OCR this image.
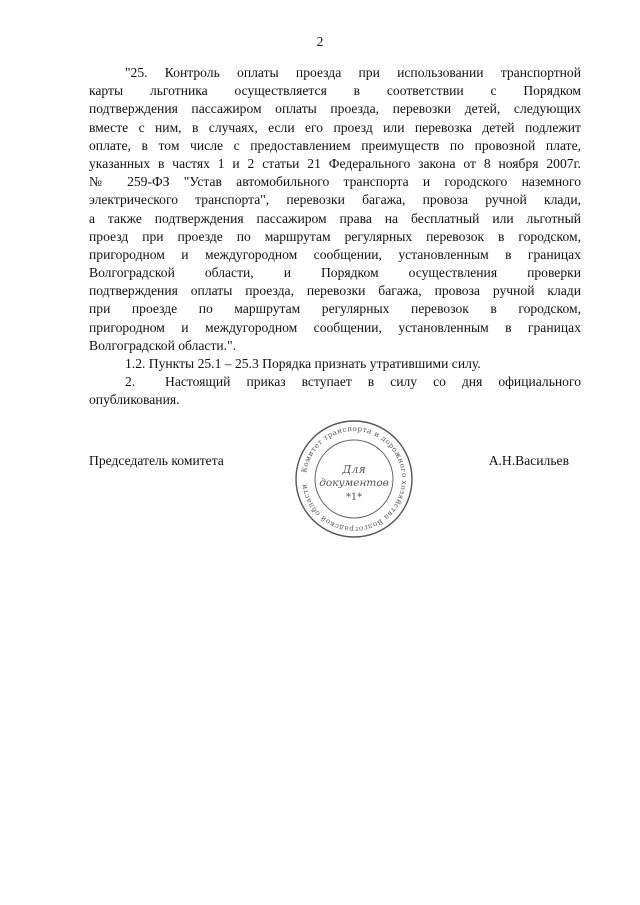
2
"25. Контроль оплаты проезда при использовании транспортной
карты льготника осуществляется в соответствии с Порядком
подтверждения пассажиром оплаты проезда, перевозки детей, следующих
вместе с ним, в случаях, если его проезд или перевозка детей подлежит
оплате, в том числе с предоставлением преимуществ по провозной плате,
указанных в частях 1 и 2 статьи 21 Федерального закона от 8 ноября 2007г.
№ 259-ФЗ "Устав автомобильного транспорта и городского наземного
электрического транспорта", перевозки багажа, провоза ручной клади,
а также подтверждения пассажиром права на бесплатный или льготный
проезд при проезде по маршрутам регулярных перевозок в городском,
пригородном и междугородном сообщении, установленным в границах
Волгоградской области, и Порядком осуществления проверки
подтверждения оплаты проезда, перевозки багажа, провоза ручной клади
при проезде по маршрутам регулярных перевозок в городском,
пригородном и междугородном сообщении, установленным в границах
Волгоградской области.".
1.2. Пункты 25.1 – 25.3 Порядка признать утратившими силу.
2.	Настоящий приказ вступает в силу со дня официального
опубликования.
Председатель комитета	А.Н.Васильев
Комитет транспорта и дорожного хозяйства Волгоградской области
Для
документов
*1*
